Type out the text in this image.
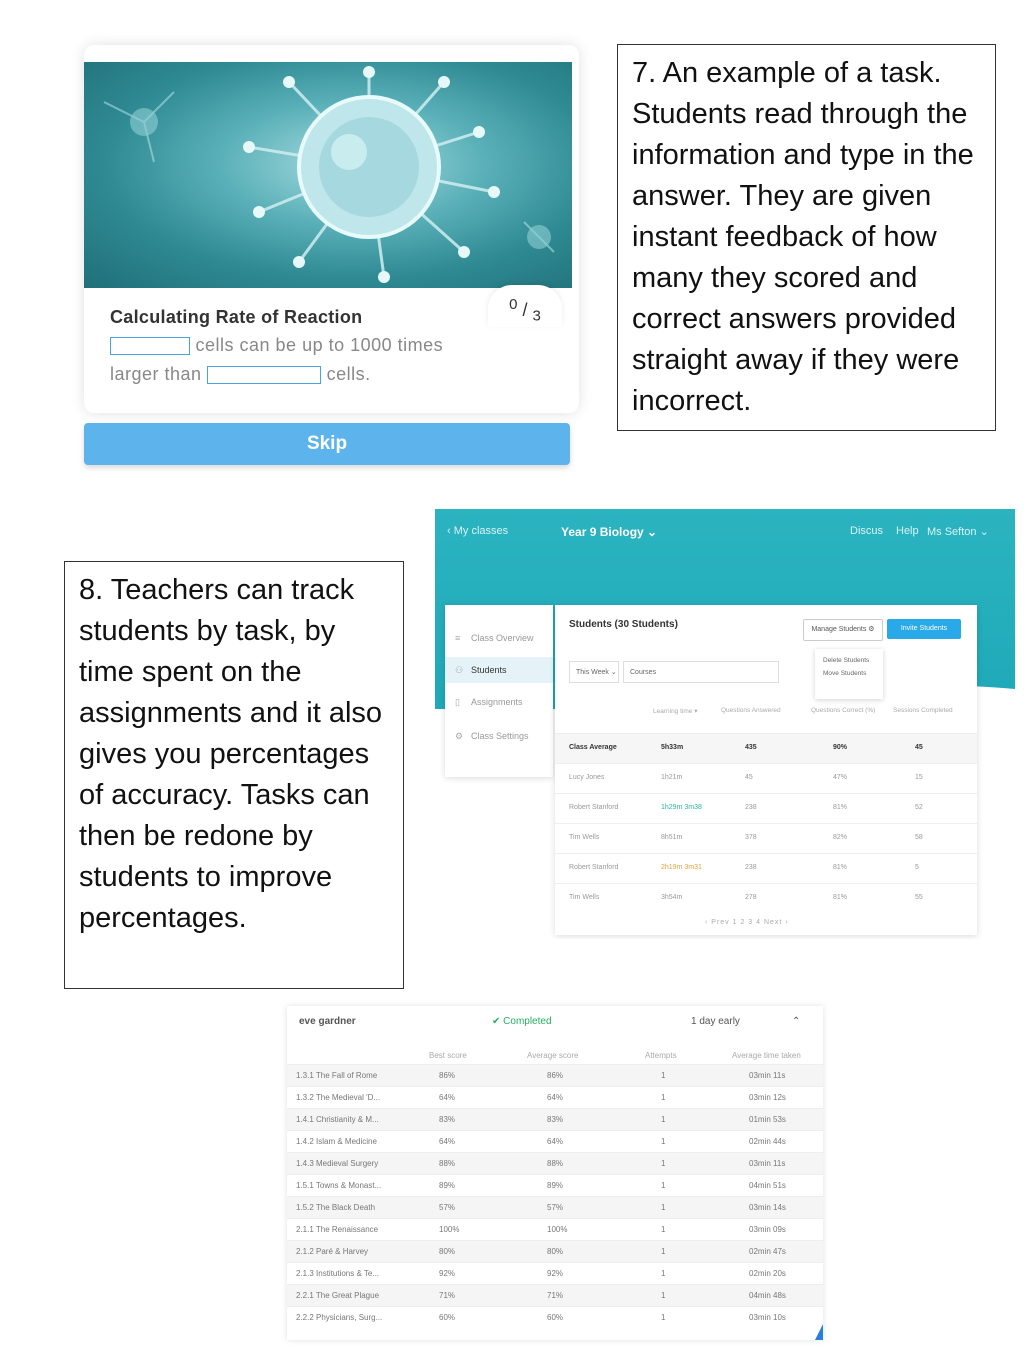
$^0$ / $_3$
Calculating Rate of Reaction
cells can be up to 1000 times
larger than	cells.
Skip
7. An example of a task. Students read through the information and type in the answer. They are given instant feedback of how many they scored and correct answers provided straight away if they were incorrect.
8. Teachers can track students by task, by time spent on the assignments and it also gives you percentages of accuracy. Tasks can then be redone by students to improve percentages.
‹ My classes	Year 9 Biology ⌄	Discus Help Ms Sefton ⌄
≡ Class Overview
⚇ Students
▯ Assignments
⚙ Class Settings
Students (30 Students)	Manage Students ⚙	Invite Students
This Week ⌄	Courses
Delete Students
Move Students
Learning time ▾	Questions Answered	Questions Correct (%)	Sessions Completed
Class Average	5h33m	435	90%	45
Lucy Jones	1h21m	45	47%	15
Robert Stanford	1h29m 3m38	238	81%	52
Tim Wells	8h51m	378	82%	58
Robert Stanford	2h19m 3m31	238	81%	5
Tim Wells	3h54m	278	81%	55
‹ Prev 1 2 3 4 Next ›
eve gardner	✔ Completed	1 day early	⌃
Best score	Average score	Attempts	Average time taken
1.3.1 The Fall of Rome	86%	86%	1	03min 11s
1.3.2 The Medieval 'D...	64%	64%	1	03min 12s
1.4.1 Christianity & M...	83%	83%	1	01min 53s
1.4.2 Islam & Medicine	64%	64%	1	02min 44s
1.4.3 Medieval Surgery	88%	88%	1	03min 11s
1.5.1 Towns & Monast...	89%	89%	1	04min 51s
1.5.2 The Black Death	57%	57%	1	03min 14s
2.1.1 The Renaissance	100%	100%	1	03min 09s
2.1.2 Paré & Harvey	80%	80%	1	02min 47s
2.1.3 Institutions & Te...	92%	92%	1	02min 20s
2.2.1 The Great Plague	71%	71%	1	04min 48s
2.2.2 Physicians, Surg...	60%	60%	1	03min 10s
